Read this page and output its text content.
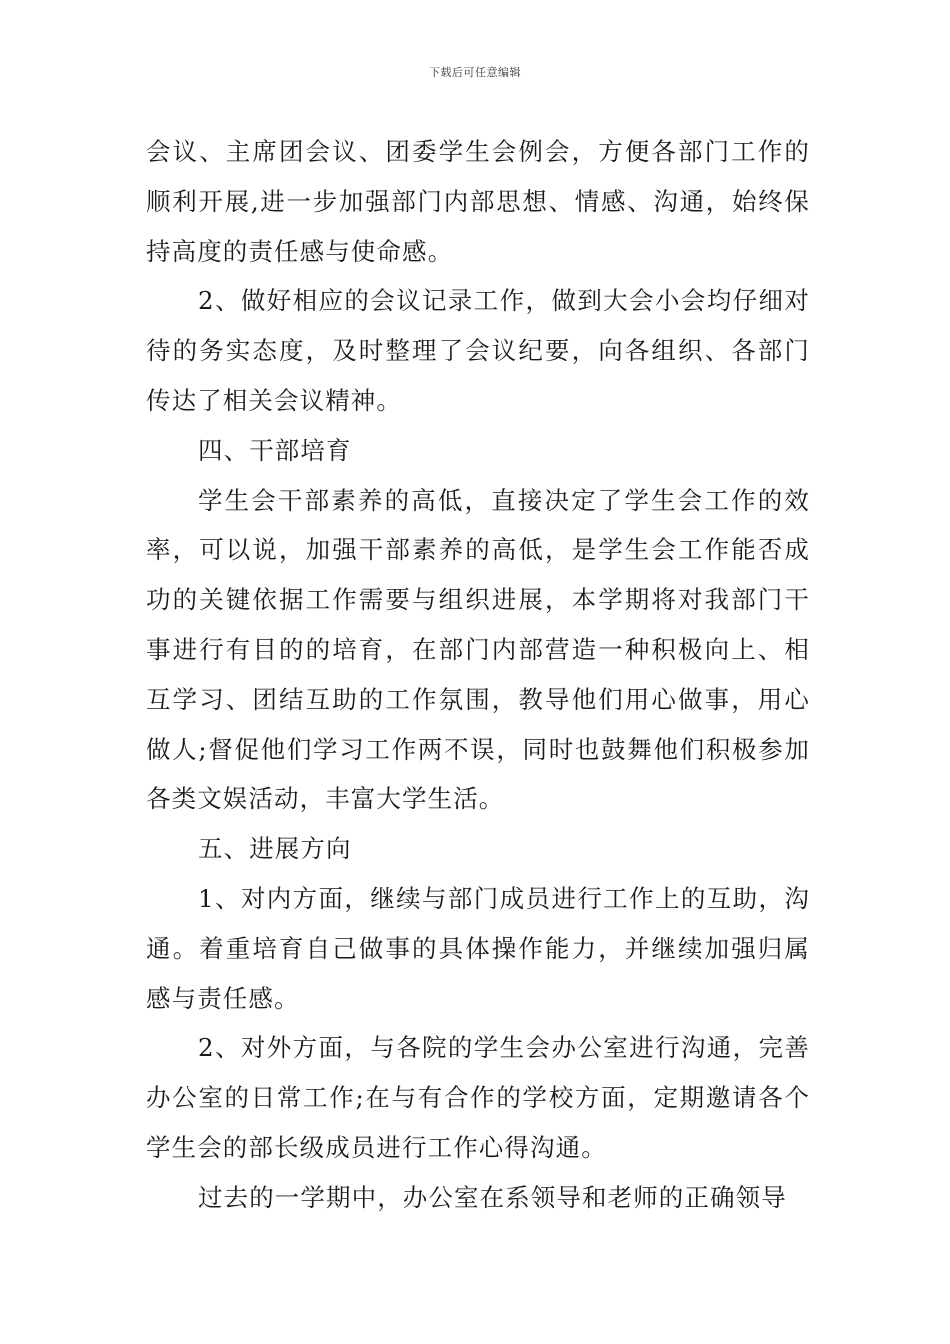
下载后可任意编辑

会议、主席团会议、团委学生会例会，方便各部门工作的顺利开展,进一步加强部门内部思想、情感、沟通，始终保持高度的责任感与使命感。

2、做好相应的会议记录工作，做到大会小会均仔细对待的务实态度，及时整理了会议纪要，向各组织、各部门传达了相关会议精神。

四、干部培育

学生会干部素养的高低，直接决定了学生会工作的效率，可以说，加强干部素养的高低，是学生会工作能否成功的关键依据工作需要与组织进展，本学期将对我部门干事进行有目的的培育，在部门内部营造一种积极向上、相互学习、团结互助的工作氛围，教导他们用心做事，用心做人;督促他们学习工作两不误，同时也鼓舞他们积极参加各类文娱活动，丰富大学生活。

五、进展方向

1、对内方面，继续与部门成员进行工作上的互助，沟通。着重培育自己做事的具体操作能力，并继续加强归属感与责任感。

2、对外方面，与各院的学生会办公室进行沟通，完善办公室的日常工作;在与有合作的学校方面，定期邀请各个学生会的部长级成员进行工作心得沟通。

过去的一学期中，办公室在系领导和老师的正确领导
